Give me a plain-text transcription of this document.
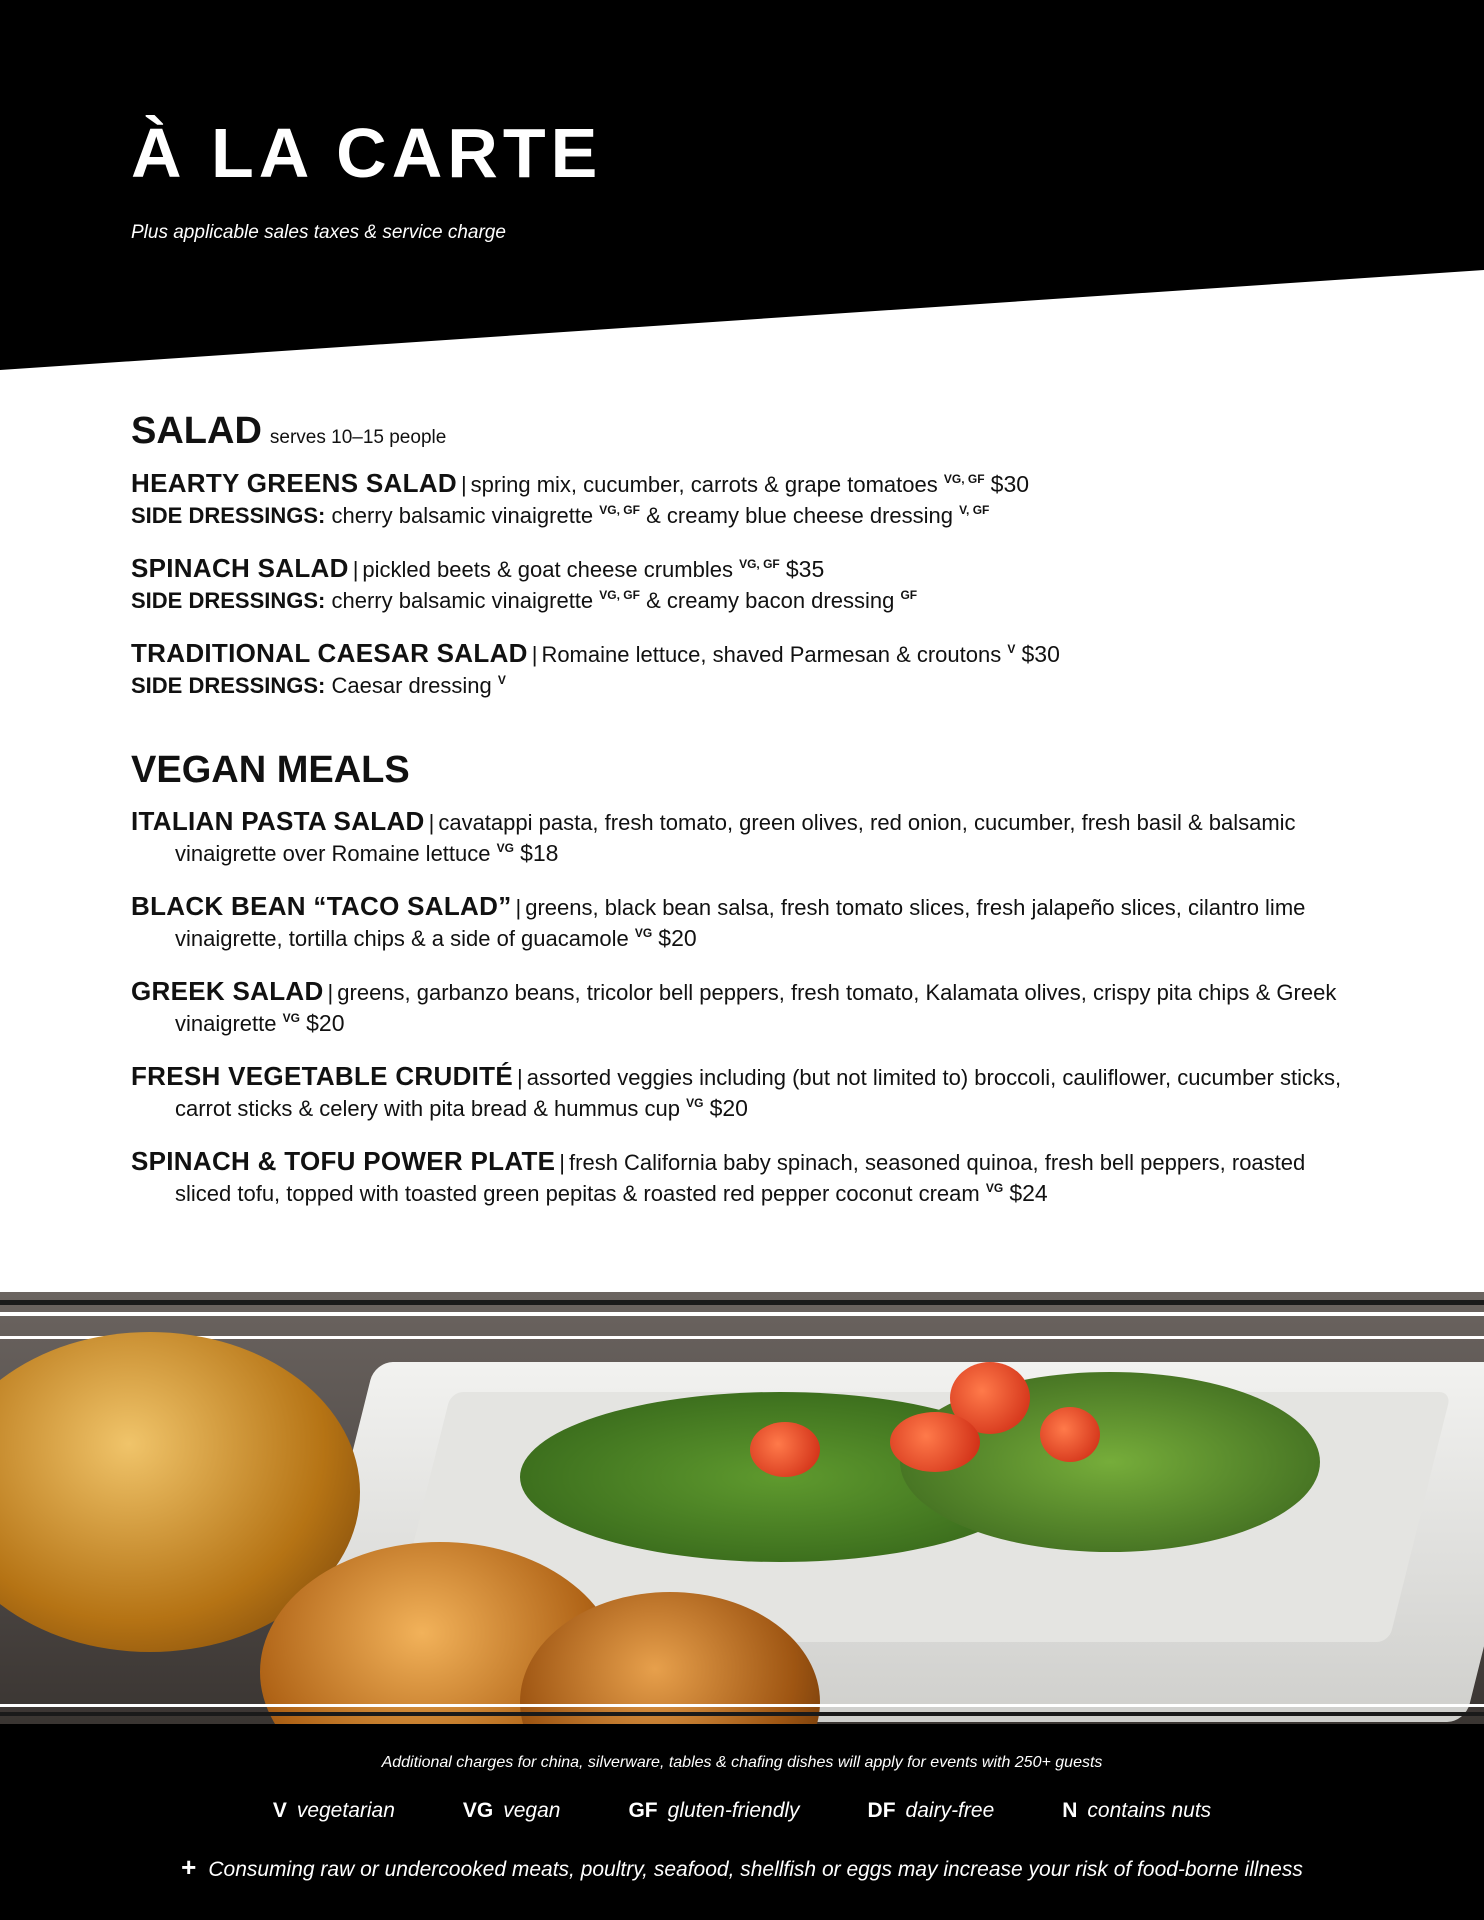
À LA CARTE

Plus applicable sales taxes & service charge

SALAD serves 10–15 people
HEARTY GREENS SALAD | spring mix, cucumber, carrots & grape tomatoes $^{VG, GF}$ $30
SIDE DRESSINGS: cherry balsamic vinaigrette $^{VG, GF}$ & creamy blue cheese dressing $^{V, GF}$
SPINACH SALAD | pickled beets & goat cheese crumbles $^{VG, GF}$ $35
SIDE DRESSINGS: cherry balsamic vinaigrette $^{VG, GF}$ & creamy bacon dressing $^{GF}$
TRADITIONAL CAESAR SALAD | Romaine lettuce, shaved Parmesan & croutons $^V$ $30
SIDE DRESSINGS: Caesar dressing $^V$
VEGAN MEALS
ITALIAN PASTA SALAD | cavatappi pasta, fresh tomato, green olives, red onion, cucumber, fresh basil & balsamic vinaigrette over Romaine lettuce $^{VG}$ $18
BLACK BEAN “TACO SALAD” | greens, black bean salsa, fresh tomato slices, fresh jalapeño slices, cilantro lime vinaigrette, tortilla chips & a side of guacamole $^{VG}$ $20
GREEK SALAD | greens, garbanzo beans, tricolor bell peppers, fresh tomato, Kalamata olives, crispy pita chips & Greek vinaigrette $^{VG}$ $20
FRESH VEGETABLE CRUDITÉ | assorted veggies including (but not limited to) broccoli, cauliflower, cucumber sticks, carrot sticks & celery with pita bread & hummus cup $^{VG}$ $20
SPINACH & TOFU POWER PLATE | fresh California baby spinach, seasoned quinoa, fresh bell peppers, roasted sliced tofu, topped with toasted green pepitas & roasted red pepper coconut cream $^{VG}$ $24

Additional charges for china, silverware, tables & chafing dishes will apply for events with 250+ guests

V vegetarian	VG vegan	GF gluten-friendly	DF dairy-free	N contains nuts
+ Consuming raw or undercooked meats, poultry, seafood, shellfish or eggs may increase your risk of food-borne illness
